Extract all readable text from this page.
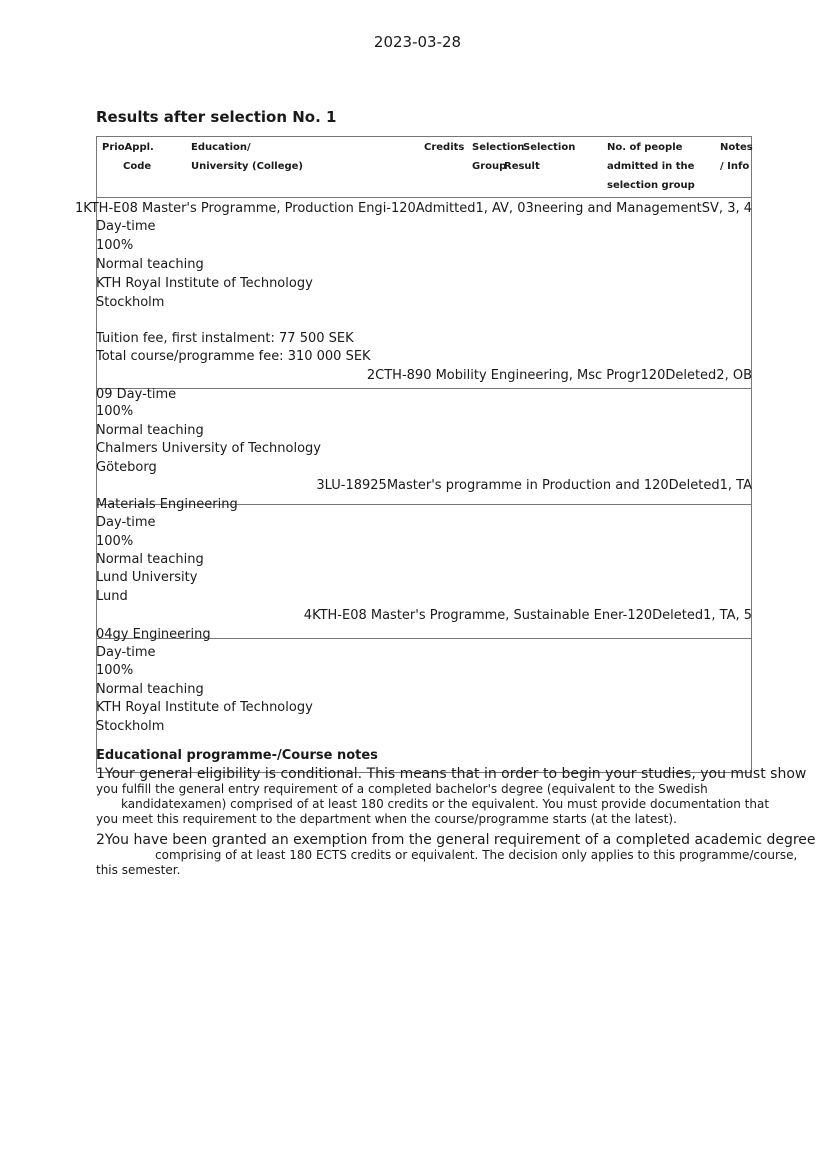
2023-03-28
Results after selection No. 1
PrioAppl.
Code
Education/
University (College)
Credits Selection
Group
Selection
Result
No. of people
admitted in the
selection group
Notes
/ Info
1KTH-E08 Master's Programme, Production Engi-120Admitted1, AV, 03neering and ManagementSV, 3, 4
Day-time
100%
Normal teaching
KTH Royal Institute of Technology
Stockholm
Tuition fee, first instalment: 77 500 SEK
Total course/programme fee: 310 000 SEK
2CTH-890 Mobility Engineering, Msc Progr120Deleted2, OB
09 Day-time
100%
Normal teaching
Chalmers University of Technology
Göteborg
3LU-18925Master's programme in Production and 120Deleted1, TA
Materials Engineering
Day-time
100%
Normal teaching
Lund University
Lund
4KTH-E08 Master's Programme, Sustainable Ener-120Deleted1, TA, 5
04gy Engineering
Day-time
100%
Normal teaching
KTH Royal Institute of Technology
Stockholm
Educational programme-/Course notes
1Your general eligibility is conditional. This means that in order to begin your studies, you must show
you fulfill the general entry requirement of a completed bachelor's degree (equivalent to the Swedish
kandidatexamen) comprised of at least 180 credits or the equivalent. You must provide documentation that
you meet this requirement to the department when the course/programme starts (at the latest).
2You have been granted an exemption from the general requirement of a completed academic degree
comprising of at least 180 ECTS credits or equivalent. The decision only applies to this programme/course,
this semester.
